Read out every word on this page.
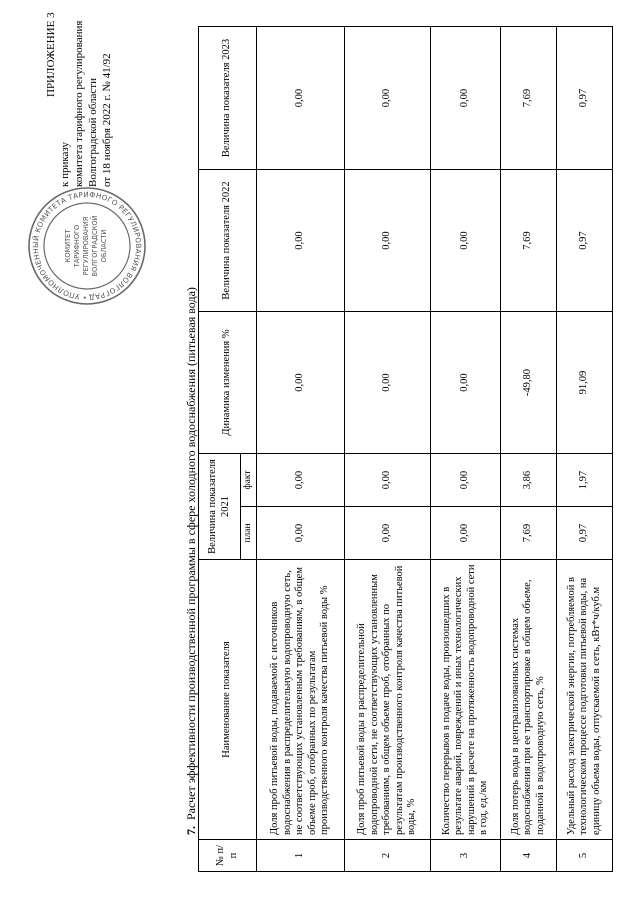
• УПОЛНОМОЧЕННЫЙ КОМИТЕТА ТАРИФНОГО РЕГУЛИРОВАНИЯ ВОЛГОГРАД
КОМИТЕТ ТАРИФНОГО РЕГУЛИРОВАНИЯ ВОЛГОГРАДСКОЙ ОБЛАСТИ
ПРИЛОЖЕНИЕ 3
к приказу комитета тарифного регулирования Волгоградской области от 18 ноября 2022 г. № 41/92
7.Расчет эффективности производственной программы в сфере холодного водоснабжения (питьевая вода)
№ п/п	Наименование показателя	Величина показателя 2021		Динамика изменения %	Величина показателя 2022	Величина показателя 2023
		план	факт			
1	Доля проб питьевой воды, подаваемой с источников водоснабжения в распределительную водопроводную сеть, не соответствующих установленным требованиям, в общем объеме проб, отобранных по результатам производственного контроля качества питьевой воды %	0,00	0,00	0,00	0,00	0,00
2	Доля проб питьевой воды в распределительной водопроводной сети, не соответствующих установленным требованиям, в общем объеме проб, отобранных по результатам производственного контроля качества питьевой воды, %	0,00	0,00	0,00	0,00	0,00
3	Количество перерывов в подаче воды, произошедших в результате аварий, повреждений и иных технологических нарушений в расчете на протяженность водопроводной сети в год, ед./км	0,00	0,00	0,00	0,00	0,00
4	Доля потерь воды в централизованных системах водоснабжения при ее транспортировке в общем объеме, поданной в водопроводную сеть, %	7,69	3,86	-49,80	7,69	7,69
5	Удельный расход электрической энергии, потребляемой в технологическом процессе подготовки питьевой воды, на единицу объема воды, отпускаемой в сеть, кВт*ч/куб.м	0,97	1,97	91,09	0,97	0,97
